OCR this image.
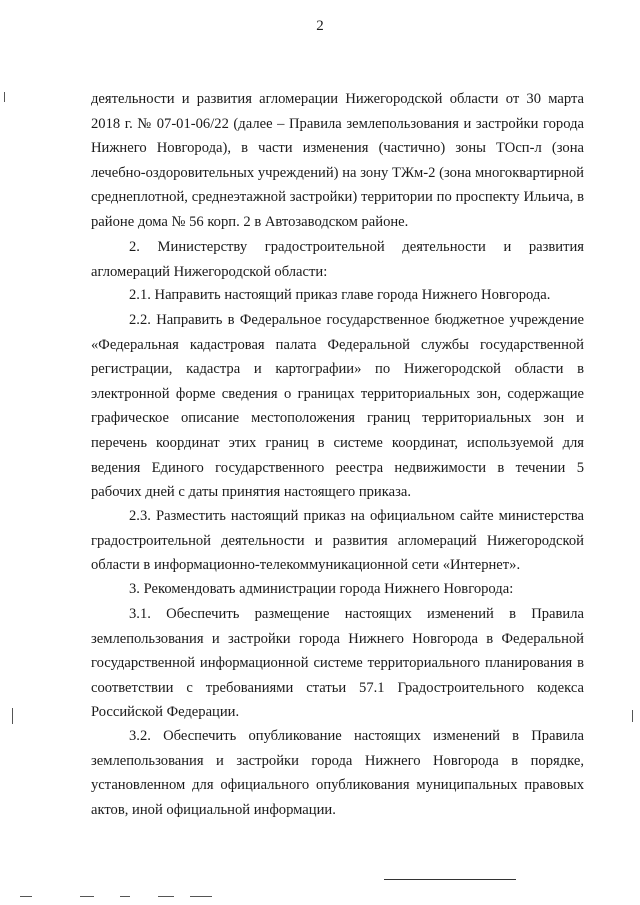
2

деятельности и развития агломерации Нижегородской области от 30 марта 2018 г. № 07-01-06/22 (далее – Правила землепользования и застройки города Нижнего Новгорода), в части изменения (частично) зоны ТОсп-л (зона лечебно-оздоровительных учреждений) на зону ТЖм-2 (зона многоквартирной среднеплотной, среднеэтажной застройки) территории по проспекту Ильича, в районе дома № 56 корп. 2 в Автозаводском районе.

2. Министерству градостроительной деятельности и развития агломераций Нижегородской области:

2.1. Направить настоящий приказ главе города Нижнего Новгорода.

2.2. Направить в Федеральное государственное бюджетное учреждение «Федеральная кадастровая палата Федеральной службы государственной регистрации, кадастра и картографии» по Нижегородской области в электронной форме сведения о границах территориальных зон, содержащие графическое описание местоположения границ территориальных зон и перечень координат этих границ в системе координат, используемой для ведения Единого государственного реестра недвижимости в течении 5 рабочих дней с даты принятия настоящего приказа.

2.3. Разместить настоящий приказ на официальном сайте министерства градостроительной деятельности и развития агломераций Нижегородской области в информационно-телекоммуникационной сети «Интернет».

3. Рекомендовать администрации города Нижнего Новгорода:

3.1. Обеспечить размещение настоящих изменений в Правила землепользования и застройки города Нижнего Новгорода в Федеральной государственной информационной системе территориального планирования в соответствии с требованиями статьи 57.1 Градостроительного кодекса Российской Федерации.

3.2. Обеспечить опубликование настоящих изменений в Правила землепользования и застройки города Нижнего Новгорода в порядке, установленном для официального опубликования муниципальных правовых актов, иной официальной информации.
